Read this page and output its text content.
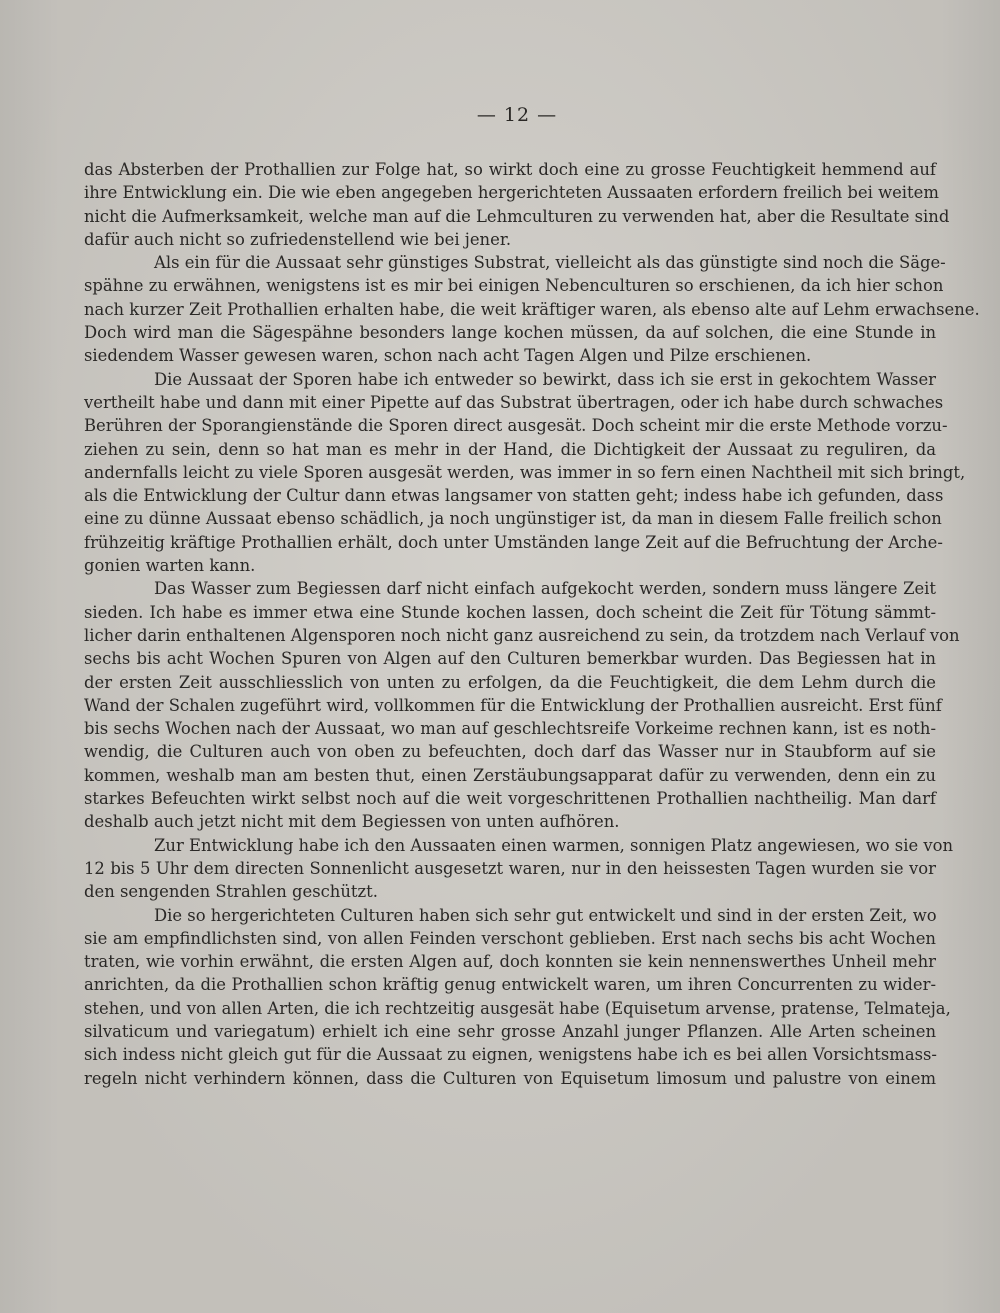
— 12 —
das Absterben der Prothallien zur Folge hat, so wirkt doch eine zu grosse Feuchtigkeit hemmend auf
ihre Entwicklung ein. Die wie eben angegeben hergerichteten Aussaaten erfordern freilich bei weitem
nicht die Aufmerksamkeit, welche man auf die Lehmculturen zu verwenden hat, aber die Resultate sind
dafür auch nicht so zufriedenstellend wie bei jener.
Als ein für die Aussaat sehr günstiges Substrat, vielleicht als das günstigte sind noch die Säge-
spähne zu erwähnen, wenigstens ist es mir bei einigen Nebenculturen so erschienen, da ich hier schon
nach kurzer Zeit Prothallien erhalten habe, die weit kräftiger waren, als ebenso alte auf Lehm erwachsene.
Doch wird man die Sägespähne besonders lange kochen müssen, da auf solchen, die eine Stunde in
siedendem Wasser gewesen waren, schon nach acht Tagen Algen und Pilze erschienen.
Die Aussaat der Sporen habe ich entweder so bewirkt, dass ich sie erst in gekochtem Wasser
vertheilt habe und dann mit einer Pipette auf das Substrat übertragen, oder ich habe durch schwaches
Berühren der Sporangienstände die Sporen direct ausgesät. Doch scheint mir die erste Methode vorzu-
ziehen zu sein, denn so hat man es mehr in der Hand, die Dichtigkeit der Aussaat zu reguliren, da
andernfalls leicht zu viele Sporen ausgesät werden, was immer in so fern einen Nachtheil mit sich bringt,
als die Entwicklung der Cultur dann etwas langsamer von statten geht; indess habe ich gefunden, dass
eine zu dünne Aussaat ebenso schädlich, ja noch ungünstiger ist, da man in diesem Falle freilich schon
frühzeitig kräftige Prothallien erhält, doch unter Umständen lange Zeit auf die Befruchtung der Arche-
gonien warten kann.
Das Wasser zum Begiessen darf nicht einfach aufgekocht werden, sondern muss längere Zeit
sieden. Ich habe es immer etwa eine Stunde kochen lassen, doch scheint die Zeit für Tötung sämmt-
licher darin enthaltenen Algensporen noch nicht ganz ausreichend zu sein, da trotzdem nach Verlauf von
sechs bis acht Wochen Spuren von Algen auf den Culturen bemerkbar wurden. Das Begiessen hat in
der ersten Zeit ausschliesslich von unten zu erfolgen, da die Feuchtigkeit, die dem Lehm durch die
Wand der Schalen zugeführt wird, vollkommen für die Entwicklung der Prothallien ausreicht. Erst fünf
bis sechs Wochen nach der Aussaat, wo man auf geschlechtsreife Vorkeime rechnen kann, ist es noth-
wendig, die Culturen auch von oben zu befeuchten, doch darf das Wasser nur in Staubform auf sie
kommen, weshalb man am besten thut, einen Zerstäubungsapparat dafür zu verwenden, denn ein zu
starkes Befeuchten wirkt selbst noch auf die weit vorgeschrittenen Prothallien nachtheilig. Man darf
deshalb auch jetzt nicht mit dem Begiessen von unten aufhören.
Zur Entwicklung habe ich den Aussaaten einen warmen, sonnigen Platz angewiesen, wo sie von
12 bis 5 Uhr dem directen Sonnenlicht ausgesetzt waren, nur in den heissesten Tagen wurden sie vor
den sengenden Strahlen geschützt.
Die so hergerichteten Culturen haben sich sehr gut entwickelt und sind in der ersten Zeit, wo
sie am empfindlichsten sind, von allen Feinden verschont geblieben. Erst nach sechs bis acht Wochen
traten, wie vorhin erwähnt, die ersten Algen auf, doch konnten sie kein nennenswerthes Unheil mehr
anrichten, da die Prothallien schon kräftig genug entwickelt waren, um ihren Concurrenten zu wider-
stehen, und von allen Arten, die ich rechtzeitig ausgesät habe (Equisetum arvense, pratense, Telmateja,
silvaticum und variegatum) erhielt ich eine sehr grosse Anzahl junger Pflanzen. Alle Arten scheinen
sich indess nicht gleich gut für die Aussaat zu eignen, wenigstens habe ich es bei allen Vorsichtsmass-
regeln nicht verhindern können, dass die Culturen von Equisetum limosum und palustre von einem
